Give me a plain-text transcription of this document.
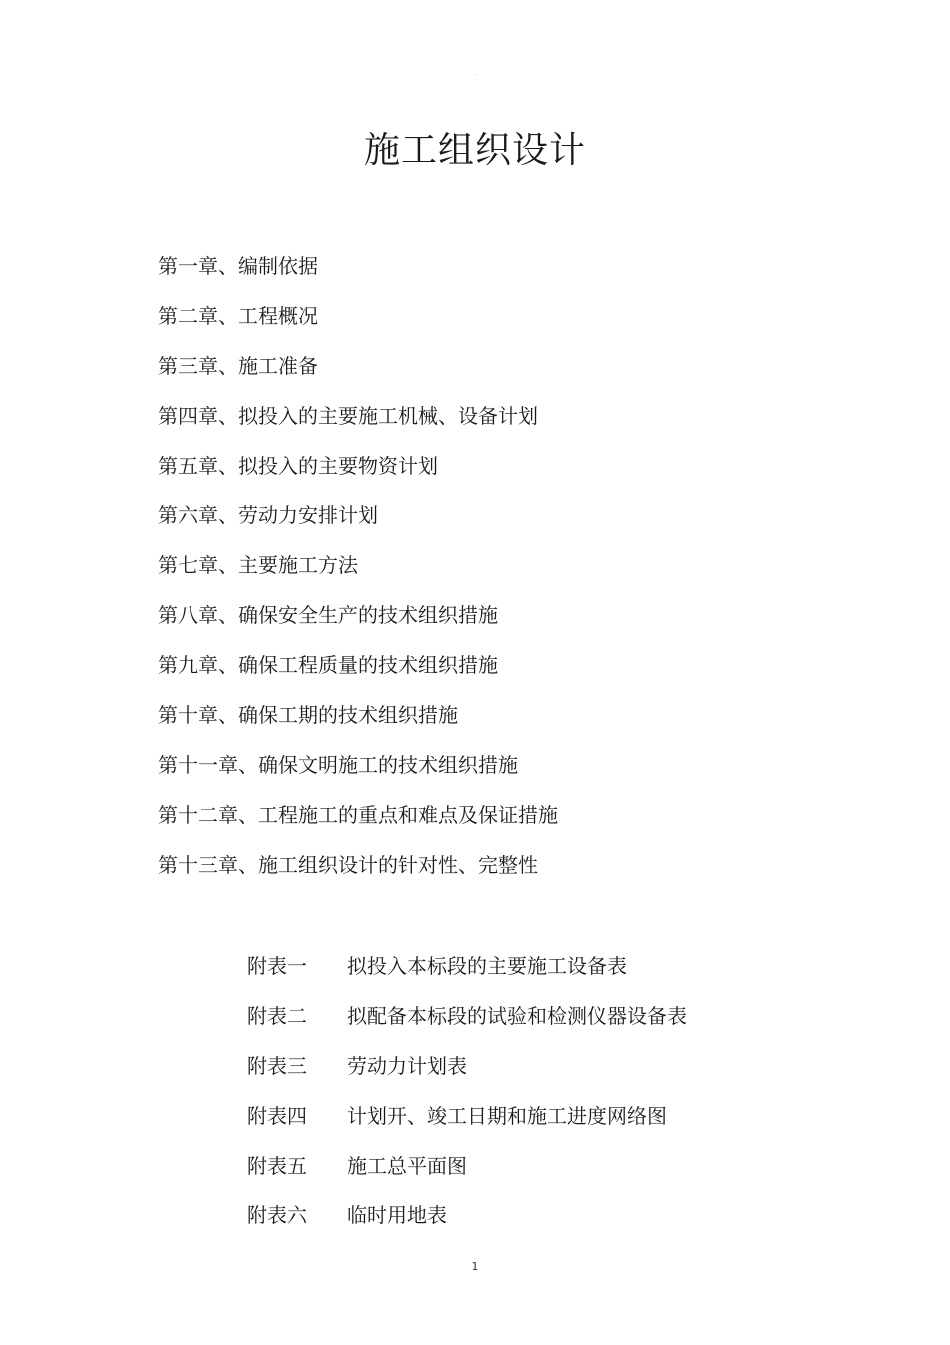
.
施工组织设计
第一章、编制依据
第二章、工程概况
第三章、施工准备
第四章、拟投入的主要施工机械、设备计划
第五章、拟投入的主要物资计划
第六章、劳动力安排计划
第七章、主要施工方法
第八章、确保安全生产的技术组织措施
第九章、确保工程质量的技术组织措施
第十章、确保工期的技术组织措施
第十一章、确保文明施工的技术组织措施
第十二章、工程施工的重点和难点及保证措施
第十三章、施工组织设计的针对性、完整性
附表一 拟投入本标段的主要施工设备表
附表二 拟配备本标段的试验和检测仪器设备表
附表三 劳动力计划表
附表四 计划开、竣工日期和施工进度网络图
附表五 施工总平面图
附表六 临时用地表
1
